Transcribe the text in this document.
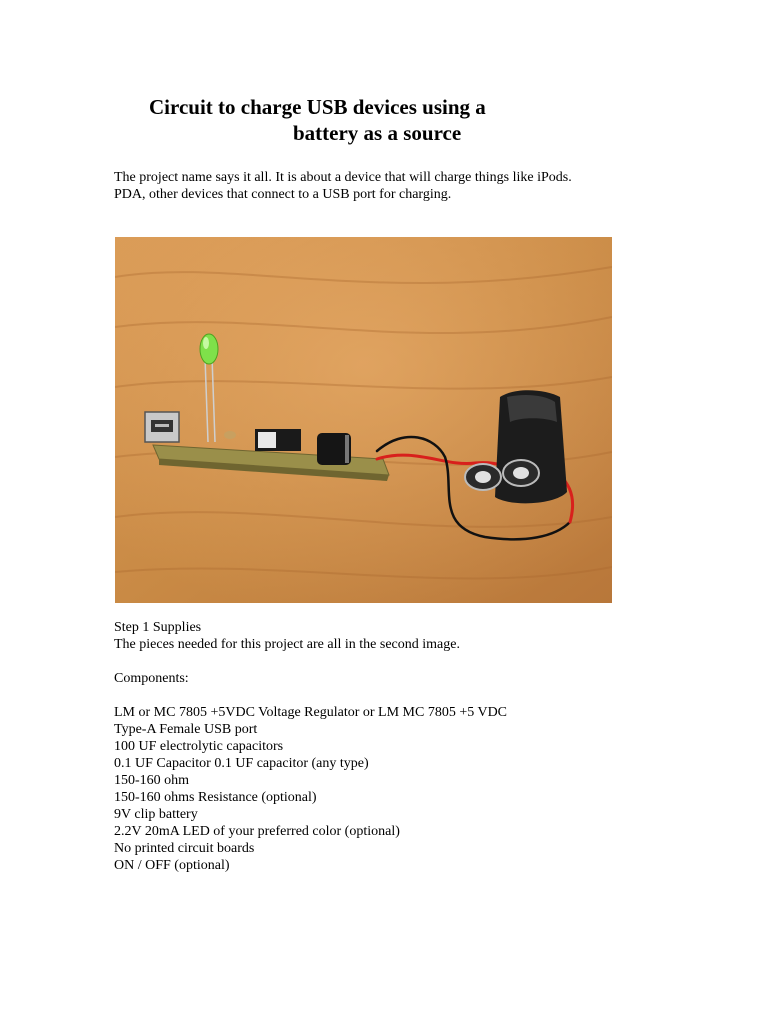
Circuit to charge USB devices using a
battery as a source

The project name says it all. It is about a device that will charge things like iPods.
PDA, other devices that connect to a USB port for charging.

Step 1 Supplies
The pieces needed for this project are all in the second image.
Components:
LM or MC 7805 +5VDC Voltage Regulator or LM MC 7805 +5 VDC
Type-A Female USB port
100 UF electrolytic capacitors
0.1 UF Capacitor 0.1 UF capacitor (any type)
150-160 ohm
150-160 ohms Resistance (optional)
9V clip battery
2.2V 20mA LED of your preferred color (optional)
No printed circuit boards
ON / OFF (optional)
